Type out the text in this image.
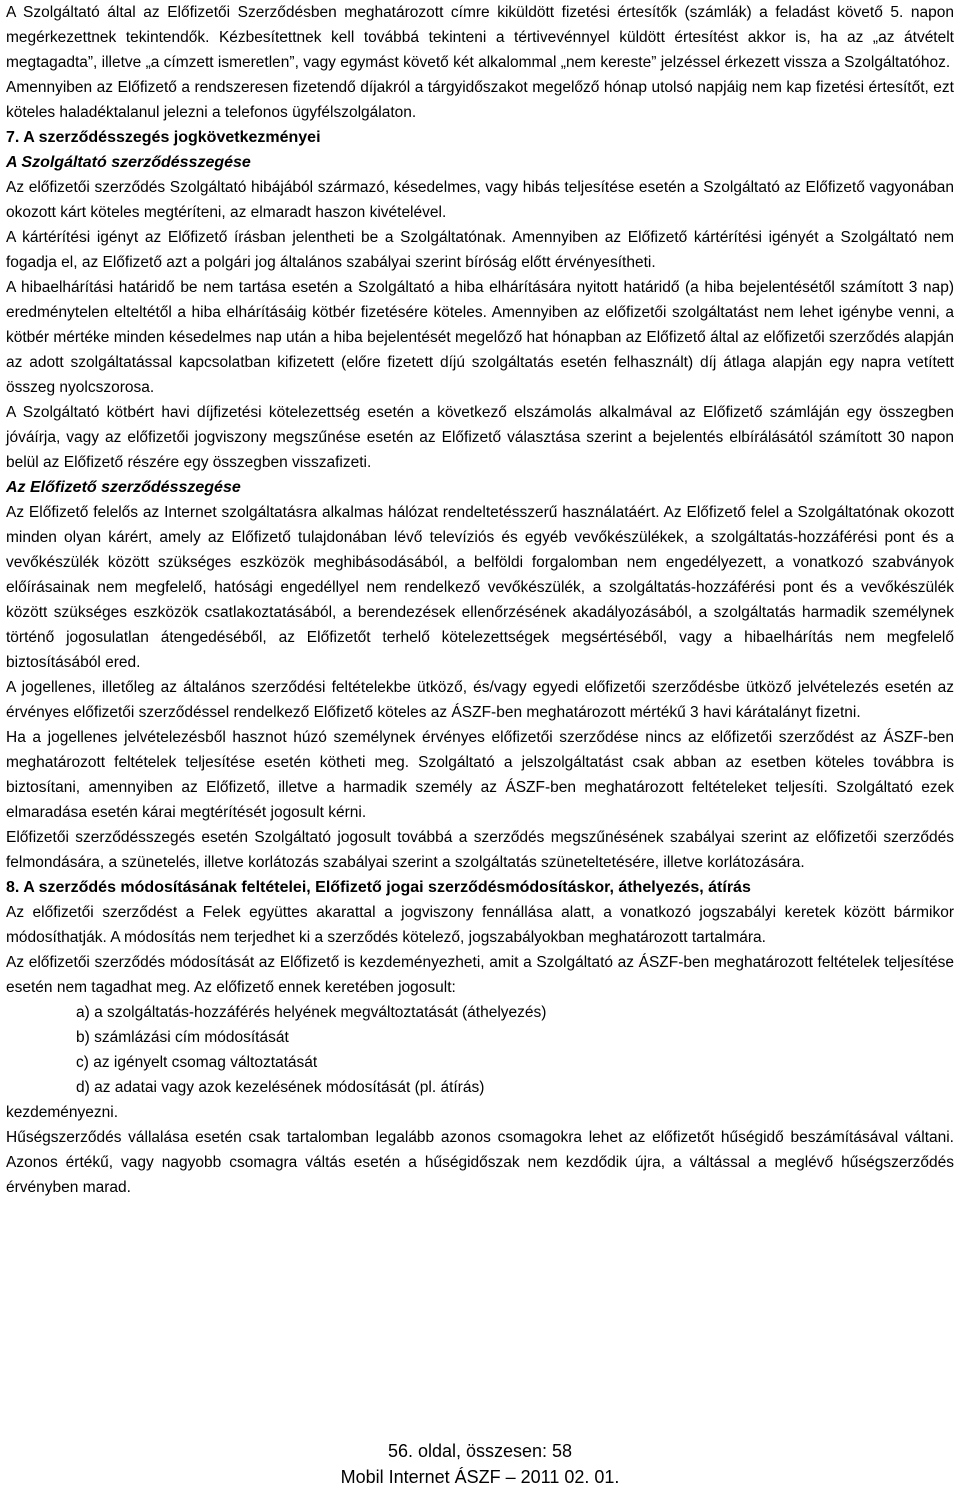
A Szolgáltató által az Előfizetői Szerződésben meghatározott címre kiküldött fizetési értesítők (számlák) a feladást követő 5. napon megérkezettnek tekintendők. Kézbesítettnek kell továbbá tekinteni a tértivevénnyel küldött értesítést akkor is, ha az „az átvételt megtagadta”, illetve „a címzett ismeretlen”, vagy egymást követő két alkalommal „nem kereste” jelzéssel érkezett vissza a Szolgáltatóhoz.
Amennyiben az Előfizető a rendszeresen fizetendő díjakról a tárgyidőszakot megelőző hónap utolsó napjáig nem kap fizetési értesítőt, ezt köteles haladéktalanul jelezni a telefonos ügyfélszolgálaton.
7. A szerződésszegés jogkövetkezményei
A Szolgáltató szerződésszegése
Az előfizetői szerződés Szolgáltató hibájából származó, késedelmes, vagy hibás teljesítése esetén a Szolgáltató az Előfizető vagyonában okozott kárt köteles megtéríteni, az elmaradt haszon kivételével.
A kártérítési igényt az Előfizető írásban jelentheti be a Szolgáltatónak. Amennyiben az Előfizető kártérítési igényét a Szolgáltató nem fogadja el, az Előfizető azt a polgári jog általános szabályai szerint bíróság előtt érvényesítheti.
A hibaelhárítási határidő be nem tartása esetén a Szolgáltató a hiba elhárítására nyitott határidő (a hiba bejelentésétől számított 3 nap) eredménytelen elteltétől a hiba elhárításáig kötbér fizetésére köteles. Amennyiben az előfizetői szolgáltatást nem lehet igénybe venni, a kötbér mértéke minden késedelmes nap után a hiba bejelentését megelőző hat hónapban az Előfizető által az előfizetői szerződés alapján az adott szolgáltatással kapcsolatban kifizetett (előre fizetett díjú szolgáltatás esetén felhasznált) díj átlaga alapján egy napra vetített összeg nyolcszorosa.
A Szolgáltató kötbért havi díjfizetési kötelezettség esetén a következő elszámolás alkalmával az Előfizető számláján egy összegben jóváírja, vagy az előfizetői jogviszony megszűnése esetén az Előfizető választása szerint a bejelentés elbírálásától számított 30 napon belül az Előfizető részére egy összegben visszafizeti.
Az Előfizető szerződésszegése
Az Előfizető felelős az Internet szolgáltatásra alkalmas hálózat rendeltetésszerű használatáért. Az Előfizető felel a Szolgáltatónak okozott minden olyan kárért, amely az Előfizető tulajdonában lévő televíziós és egyéb vevőkészülékek, a szolgáltatás-hozzáférési pont és a vevőkészülék között szükséges eszközök meghibásodásából, a belföldi forgalomban nem engedélyezett, a vonatkozó szabványok előírásainak nem megfelelő, hatósági engedéllyel nem rendelkező vevőkészülék, a szolgáltatás-hozzáférési pont és a vevőkészülék között szükséges eszközök csatlakoztatásából, a berendezések ellenőrzésének akadályozásából, a szolgáltatás harmadik személynek történő jogosulatlan átengedéséből, az Előfizetőt terhelő kötelezettségek megsértéséből, vagy a hibaelhárítás nem megfelelő biztosításából ered.
A jogellenes, illetőleg az általános szerződési feltételekbe ütköző, és/vagy egyedi előfizetői szerződésbe ütköző jelvételezés esetén az érvényes előfizetői szerződéssel rendelkező Előfizető köteles az ÁSZF-ben meghatározott mértékű 3 havi kárátalányt fizetni.
Ha a jogellenes jelvételezésből hasznot húzó személynek érvényes előfizetői szerződése nincs az előfizetői szerződést az ÁSZF-ben meghatározott feltételek teljesítése esetén kötheti meg. Szolgáltató a jelszolgáltatást csak abban az esetben köteles továbbra is biztosítani, amennyiben az Előfizető, illetve a harmadik személy az ÁSZF-ben meghatározott feltételeket teljesíti. Szolgáltató ezek elmaradása esetén kárai megtérítését jogosult kérni.
Előfizetői szerződésszegés esetén Szolgáltató jogosult továbbá a szerződés megszűnésének szabályai szerint az előfizetői szerződés felmondására, a szünetelés, illetve korlátozás szabályai szerint a szolgáltatás szüneteltetésére, illetve korlátozására.
8. A szerződés módosításának feltételei, Előfizető jogai szerződésmódosításkor, áthelyezés, átírás
Az előfizetői szerződést a Felek együttes akarattal a jogviszony fennállása alatt, a vonatkozó jogszabályi keretek között bármikor módosíthatják. A módosítás nem terjedhet ki a szerződés kötelező, jogszabályokban meghatározott tartalmára.
Az előfizetői szerződés módosítását az Előfizető is kezdeményezheti, amit a Szolgáltató az ÁSZF-ben meghatározott feltételek teljesítése esetén nem tagadhat meg. Az előfizető ennek keretében jogosult:
a) a szolgáltatás-hozzáférés helyének megváltoztatását (áthelyezés)
b) számlázási cím módosítását
c) az igényelt csomag változtatását
d) az adatai vagy azok kezelésének módosítását (pl. átírás)
kezdeményezni.
Hűségszerződés vállalása esetén csak tartalomban legalább azonos csomagokra lehet az előfizetőt hűségidő beszámításával váltani. Azonos értékű, vagy nagyobb csomagra váltás esetén a hűségidőszak nem kezdődik újra, a váltással a meglévő hűségszerződés érvényben marad.
56. oldal, összesen: 58
Mobil Internet ÁSZF – 2011 02. 01.
